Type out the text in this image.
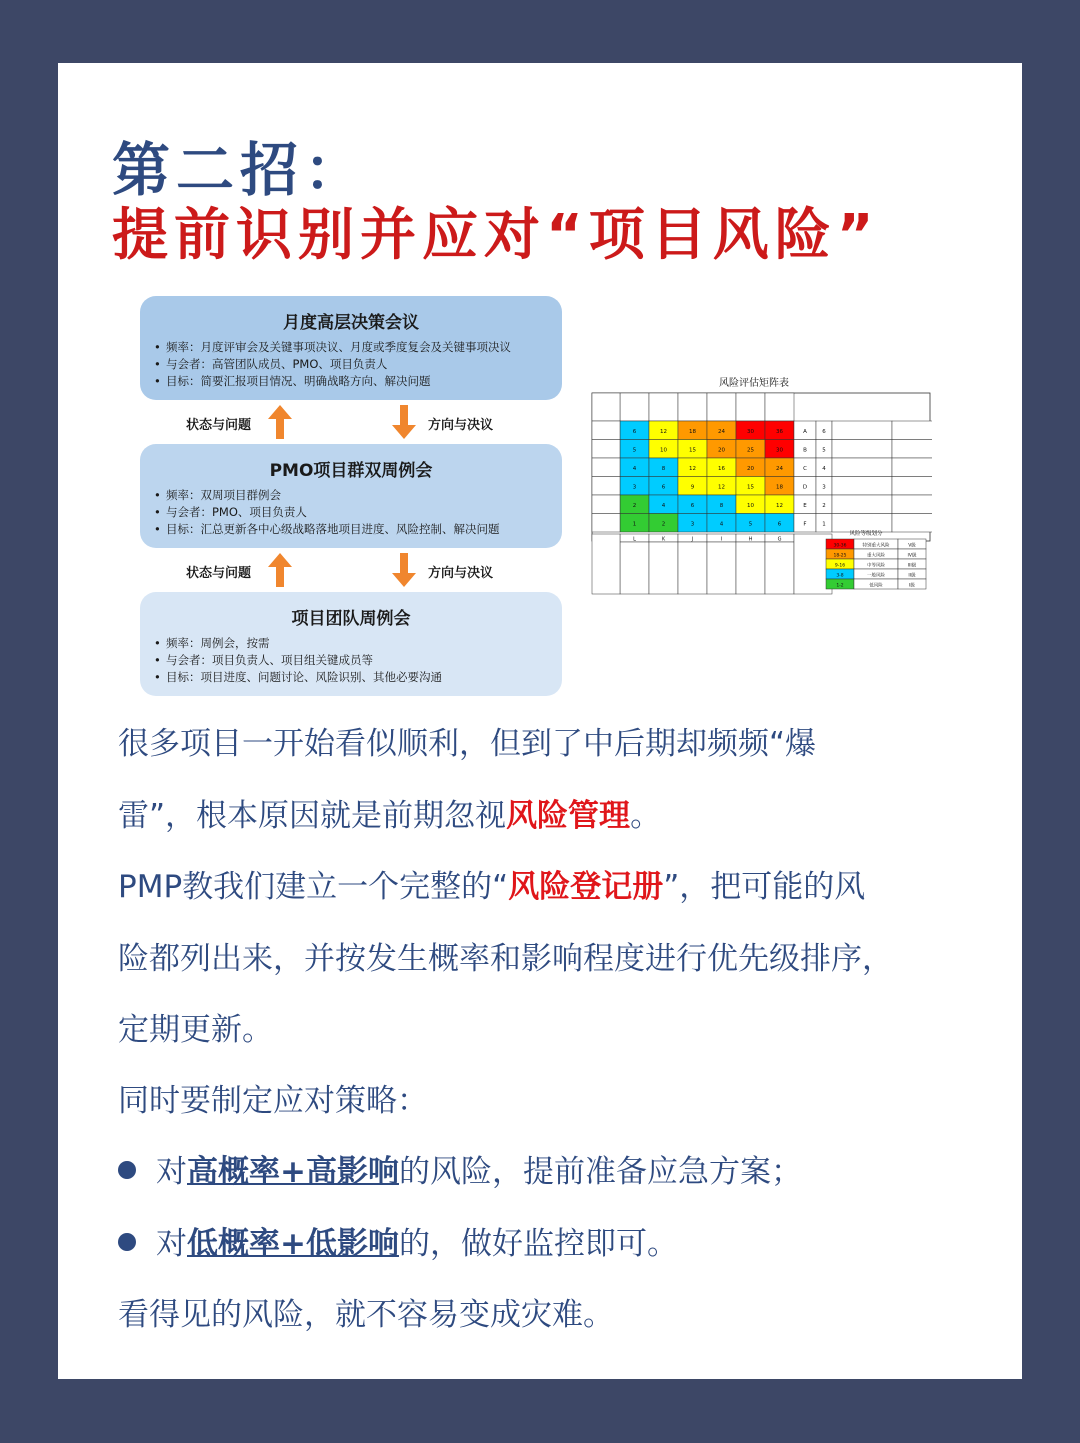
第二招：
提前识别并应对“项目风险”
月度高层决策会议
• 频率：月度评审会及关键事项决议、月度或季度复会及关键事项决议
• 与会者：高管团队成员、PMO、项目负责人
• 目标：简要汇报项目情况、明确战略方向、解决问题
状态与问题	方向与决议
PMO项目群双周例会
• 频率：双周项目群例会
• 与会者：PMO、项目负责人
• 目标：汇总更新各中心级战略落地项目进度、风险控制、解决问题
状态与问题	方向与决议
项目团队周例会
• 频率：周例会，按需
• 与会者：项目负责人、项目组关键成员等
• 目标：项目进度、问题讨论、风险识别、其他必要沟通
风险评估矩阵表
6	12	18	24	30	36
5	10	15	20	25	30
4	8	12	16	20	24
3	6	9	12	15	18
2	4	6	8	10	12
1	2	3	4	5	6
A	6
B	5
C	4
D	3
E	2
F	1
L	K	J	I	H	G
风险等级划分
30-36	特别重大风险	V级
18-25	重大风险	IV级
9-16	中等风险	III级
3-8	一般风险	II级
1-2	低风险	I级

很多项目一开始看似顺利，但到了中后期却频频“爆

雷”，根本原因就是前期忽视风险管理。

PMP教我们建立一个完整的“风险登记册”，把可能的风

险都列出来，并按发生概率和影响程度进行优先级排序，

定期更新。

同时要制定应对策略：

对高概率+高影响的风险，提前准备应急方案；

对低概率+低影响的，做好监控即可。

看得见的风险，就不容易变成灾难。
